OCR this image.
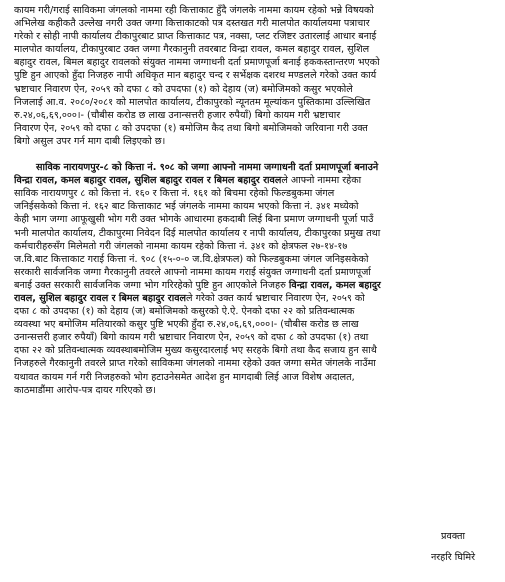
कायम गरी/गराई साविकमा जंगलको नाममा रही कित्ताकाट हुँदै जंगलके नाममा कायम रहेको भन्ने विषयको
अभिलेख कहीकतै उल्लेख नगरी उक्त जग्गा कित्ताकाटको पत्र दस्तखत गरी मालपोत कार्यालयमा पत्राचार
गरेको र सोही नापी कार्यालय टीकापुरबाट प्राप्त कित्ताकाट पत्र, नक्सा, प्लट रजिष्टर उतारलाई आधार बनाई
मालपोत कार्यालय, टीकापुरबाट उक्त जग्गा गैरकानुनी तवरबाट विन्द्रा रावल, कमल बहादुर रावल, सुशिल
बहादुर रावल, बिमल बहादुर रावलको संयुक्त नाममा जग्गाधनी दर्ता प्रमाणपूर्जा बनाई हककस्तान्तरण भएको
पुष्टि हुन आएको हुँदा निजहरु नापी अधिकृत मान बहादुर चन्द र सर्भेक्षक दशरथ मण्डलले गरेको उक्त कार्य
भ्रष्टाचार निवारण ऐन, २०५९ को दफा ८ को उपदफा (१) को देहाय (ज) बमोजिमको कसुर भएकोले
निजलाई आ.व. २०८०/२०८१ को मालपोत कार्यालय, टीकापुरको न्यूनतम मूल्यांकन पुस्तिकामा उल्लिखित
रु.२४,०६,६९,०००।- (चौबीस करोड छ लाख उनान्सत्तरी हजार रुपैयाँ) बिगो कायम गरी भ्रष्टाचार
निवारण ऐन, २०५९ को दफा ८ को उपदफा (१) बमोजिम कैद तथा बिगो बमोजिमको जरिवाना गरी उक्त
बिगो असुल उपर गर्न माग दाबी लिइएको छ।
साविक नारायणपुर-८ को कित्ता नं. ९०८ को जग्गा आफ्नो नाममा जग्गाधनी दर्ता प्रमाणपूर्जा बनाउने
विन्द्रा रावल, कमल बहादुर रावल, सुशिल बहादुर रावल र बिमल बहादुर रावलले आफ्नो नाममा रहेका
साविक नारायणपुर ८ को कित्ता नं. १६० र कित्ता नं. १६१ को बिचमा रहेको फिल्डबुकमा जंगल
जनिईसकेको कित्ता नं. १६२ बाट कित्ताकाट भई जंगलके नाममा कायम भएको कित्ता नं. ३४१ मध्येको
केही भाग जग्गा आफूखुसी भोग गरी उक्त भोगके आधारमा हकदाबी लिई बिना प्रमाण जग्गाधनी पूर्जा पाउँ
भनी मालपोत कार्यालय, टीकापुरमा निवेदन दिई मालपोत कार्यालय र नापी कार्यालय, टीकापुरका प्रमुख तथा
कर्मचारीहरुसँग मिलेमतो गरी जंगलको नाममा कायम रहेको कित्ता नं. ३४१ को क्षेत्रफल २७-१४-१७
ज.वि.बाट कित्ताकाट गराई कित्ता नं. ९०८ (१५-०-० ज.वि.क्षेत्रफल) को फिल्डबुकमा जंगल जनिइसकेको
सरकारी सार्वजनिक जग्गा गैरकानुनी तवरले आफ्नो नाममा कायम गराई संयुक्त जग्गाधनी दर्ता प्रमाणपूर्जा
बनाई उक्त सरकारी सार्वजनिक जग्गा भोग गरिरहेको पुष्टि हुन आएकोले निजहरु विन्द्रा रावल, कमल बहादुर
रावल, सुशिल बहादुर रावल र बिमल बहादुर रावलले गरेको उक्त कार्य भ्रष्टाचार निवारण ऐन, २०५९ को
दफा ८ को उपदफा (१) को देहाय (ज) बमोजिमको कसुरको ऐ.ऐ. ऐनको दफा २२ को प्रतिवन्धात्मक
व्यवस्था भए बमोजिम मतियारको कसुर पुष्टि भएकी हुँदा रु.२४,०६,६९,०००।- (चौबीस करोड छ लाख
उनान्सत्तरी हजार रुपैयाँ) बिगो कायम गरी भ्रष्टाचार निवारण ऐन, २०५९ को दफा ८ को उपदफा (१) तथा
दफा २२ को प्रतिवन्धात्मक व्यवस्थाबमोजिम मुख्य कसुरदारलाई भए सरहके बिगो तथा कैद सजाय हुन साथै
निजहरुले गैरकानुनी तवरले प्राप्त गरेको साविकमा जंगलको नाममा रहेको उक्त जग्गा समेत जंगलके नाउँमा
यथावत कायम गर्न गरी निजहरुको भोग हटाउनेसमेत आदेश हुन मागदाबी लिई आज विशेष अदालत,
काठमाडौंमा आरोप-पत्र दायर गरिएको छ।
प्रवक्ता
नरहरि घिमिरे
